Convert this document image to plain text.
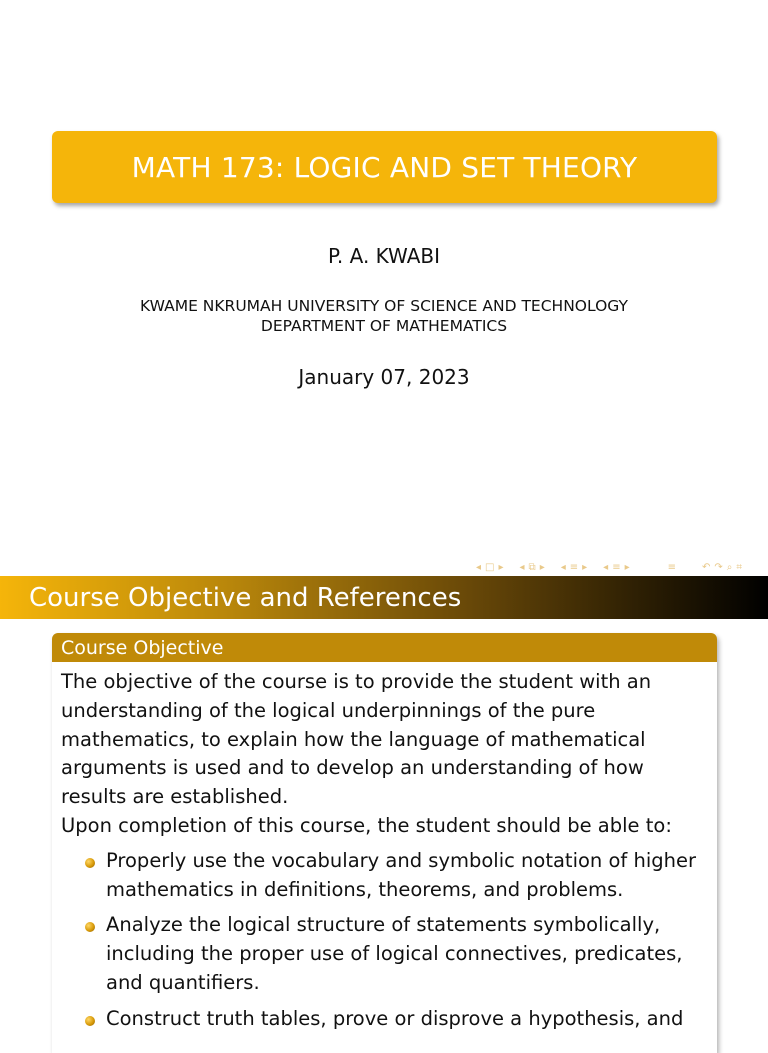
MATH 173: LOGIC AND SET THEORY
P. A. KWABI
KWAME NKRUMAH UNIVERSITY OF SCIENCE AND TECHNOLOGY
DEPARTMENT OF MATHEMATICS
January 07, 2023
◂ □ ▸ ◂ ⧉ ▸ ◂ ≡ ▸ ◂ ≡ ▸	≡	↶ ↷ ⌕ ⌗
Course Objective and References
Course Objective

The objective of the course is to provide the student with an understanding of the logical underpinnings of the pure mathematics, to explain how the language of mathematical arguments is used and to develop an understanding of how results are established.

Upon completion of this course, the student should be able to:

Properly use the vocabulary and symbolic notation of higher mathematics in definitions, theorems, and problems.
Analyze the logical structure of statements symbolically, including the proper use of logical connectives, predicates, and quantifiers.
Construct truth tables, prove or disprove a hypothesis, and
